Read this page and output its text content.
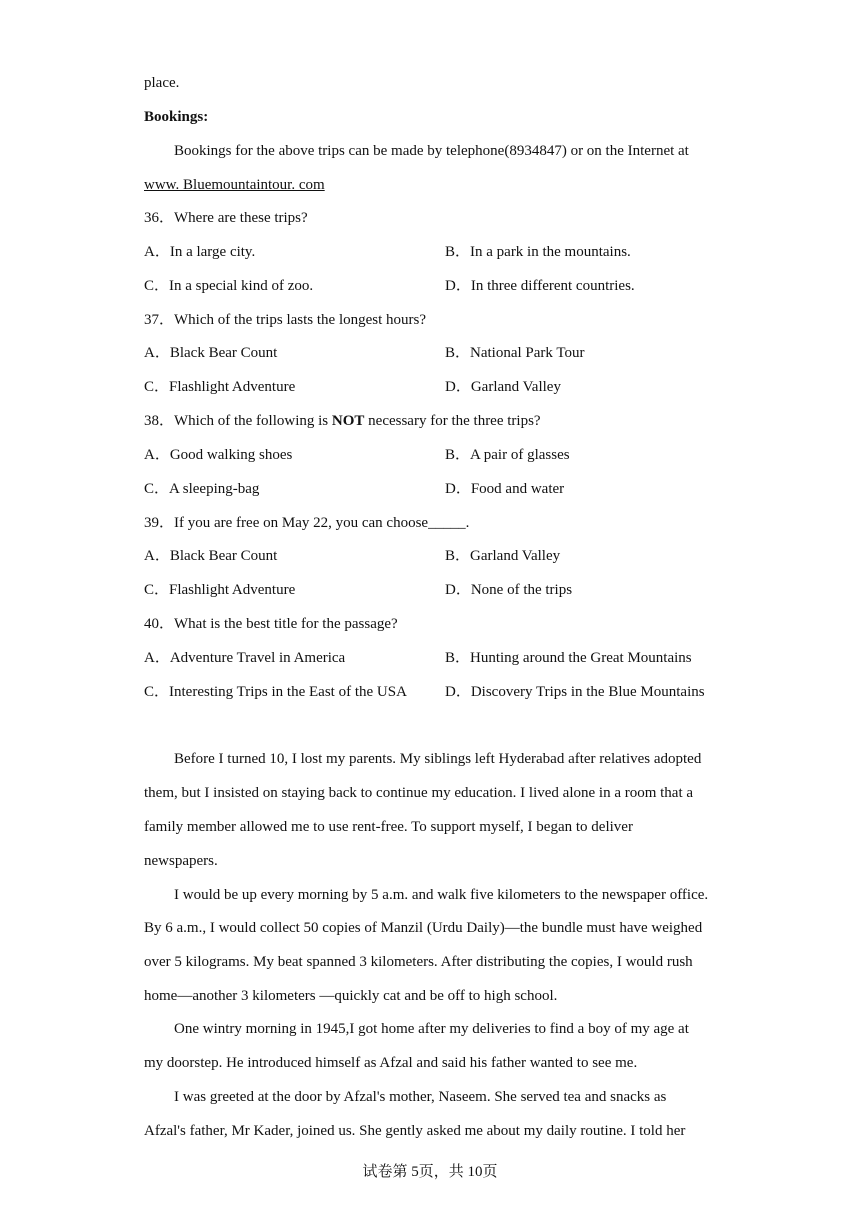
place.
Bookings:
Bookings for the above trips can be made by telephone(8934847) or on the Internet at
www. Bluemountaintour. com
36．Where are these trips?
A．In a large city.	B．In a park in the mountains.
C．In a special kind of zoo.	D．In three different countries.
37．Which of the trips lasts the longest hours?
A．Black Bear Count	B．National Park Tour
C．Flashlight Adventure	D．Garland Valley
38．Which of the following is NOT necessary for the three trips?
A．Good walking shoes	B．A pair of glasses
C．A sleeping-bag	D．Food and water
39．If you are free on May 22, you can choose_____.
A．Black Bear Count	B．Garland Valley
C．Flashlight Adventure	D．None of the trips
40．What is the best title for the passage?
A．Adventure Travel in America	B．Hunting around the Great Mountains
C．Interesting Trips in the East of the USA	D．Discovery Trips in the Blue Mountains
Before I turned 10, I lost my parents. My siblings left Hyderabad after relatives adopted
them, but I insisted on staying back to continue my education. I lived alone in a room that a
family member allowed me to use rent-free. To support myself, I began to deliver
newspapers.
I would be up every morning by 5 a.m. and walk five kilometers to the newspaper office.
By 6 a.m., I would collect 50 copies of Manzil (Urdu Daily)—the bundle must have weighed
over 5 kilograms. My beat spanned 3 kilometers. After distributing the copies, I would rush
home—another 3 kilometers —quickly cat and be off to high school.
One wintry morning in 1945,I got home after my deliveries to find a boy of my age at
my doorstep. He introduced himself as Afzal and said his father wanted to see me.
I was greeted at the door by Afzal's mother, Naseem. She served tea and snacks as
Afzal's father, Mr Kader, joined us. She gently asked me about my daily routine. I told her
试卷第 5页，共 10页
